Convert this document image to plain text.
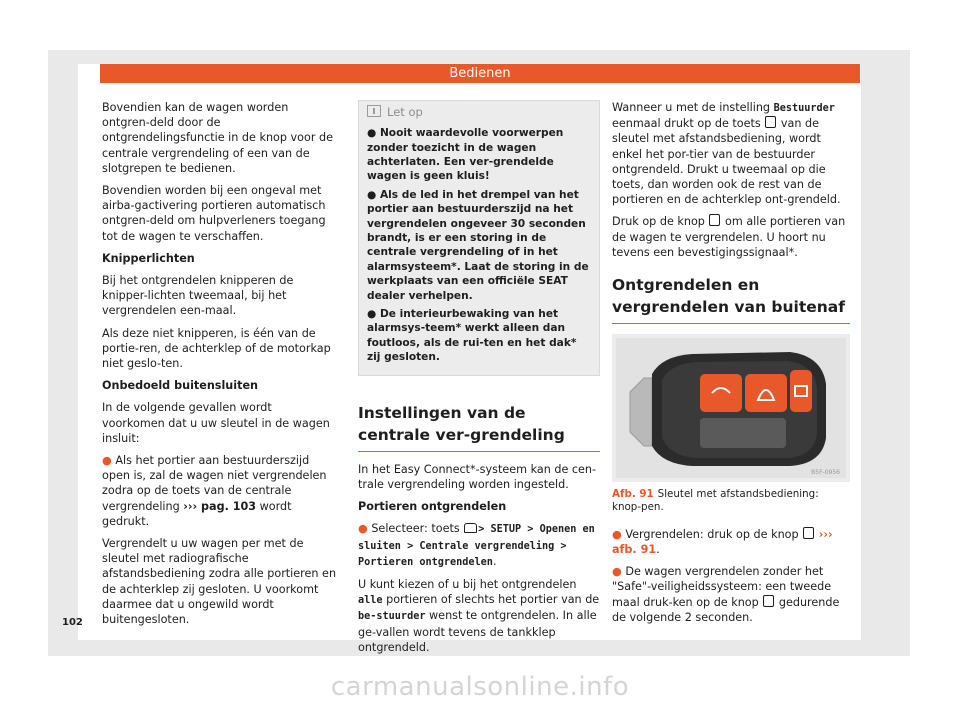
Bedienen

Bovendien kan de wagen worden ontgren-deld door de ontgrendelingsfunctie in de knop voor de centrale vergrendeling of een van de slotgrepen te bedienen.

Bovendien worden bij een ongeval met airba-gactivering portieren automatisch ontgren-deld om hulpverleners toegang tot de wagen te verschaffen.

Knipperlichten

Bij het ontgrendelen knipperen de knipper-lichten tweemaal, bij het vergrendelen een-maal.

Als deze niet knipperen, is één van de portie-ren, de achterklep of de motorkap niet geslo-ten.

Onbedoeld buitensluiten

In de volgende gevallen wordt voorkomen dat u uw sleutel in de wagen insluit:

● Als het portier aan bestuurderszijd open is, zal de wagen niet vergrendelen zodra op de toets van de centrale vergrendeling ››› pag. 103 wordt gedrukt.

Vergrendelt u uw wagen per met de sleutel met radiografische afstandsbediening zodra alle portieren en de achterklep zij gesloten. U voorkomt daarmee dat u ongewild wordt buitengesloten.

Let op

● Nooit waardevolle voorwerpen zonder toezicht in de wagen achterlaten. Een ver-grendelde wagen is geen kluis!

● Als de led in het drempel van het portier aan bestuurderszijd na het vergrendelen ongeveer 30 seconden brandt, is er een storing in de centrale vergrendeling of in het alarmsysteem*. Laat de storing in de werkplaats van een officiële SEAT dealer verhelpen.

● De interieurbewaking van het alarmsys-teem* werkt alleen dan foutloos, als de rui-ten en het dak* zij gesloten.

Instellingen van de centrale ver-grendeling

In het Easy Connect*-systeem kan de cen-trale vergrendeling worden ingesteld.

Portieren ontgrendelen

● Selecteer: toets > SETUP > Openen en sluiten > Centrale vergrendeling > Portieren ontgrendelen.

U kunt kiezen of u bij het ontgrendelen alle portieren of slechts het portier van de be-stuurder wenst te ontgrendelen. In alle ge-vallen wordt tevens de tankklep ontgrendeld.

Wanneer u met de instelling Bestuurder eenmaal drukt op de toets van de sleutel met afstandsbediening, wordt enkel het por-tier van de bestuurder ontgrendeld. Drukt u tweemaal op die toets, dan worden ook de rest van de portieren en de achterklep ont-grendeld.

Druk op de knop om alle portieren van de wagen te vergrendelen. U hoort nu tevens een bevestigingssignaal*.

Ontgrendelen en vergrendelen van buitenaf
B5F-0956
Afb. 91 Sleutel met afstandsbediening: knop-pen.

● Vergrendelen: druk op de knop ››› afb. 91.

● De wagen vergrendelen zonder het "Safe"-veiligheidssysteem: een tweede maal druk-ken op de knop gedurende de volgende 2 seconden.

102
carmanualsonline.info
